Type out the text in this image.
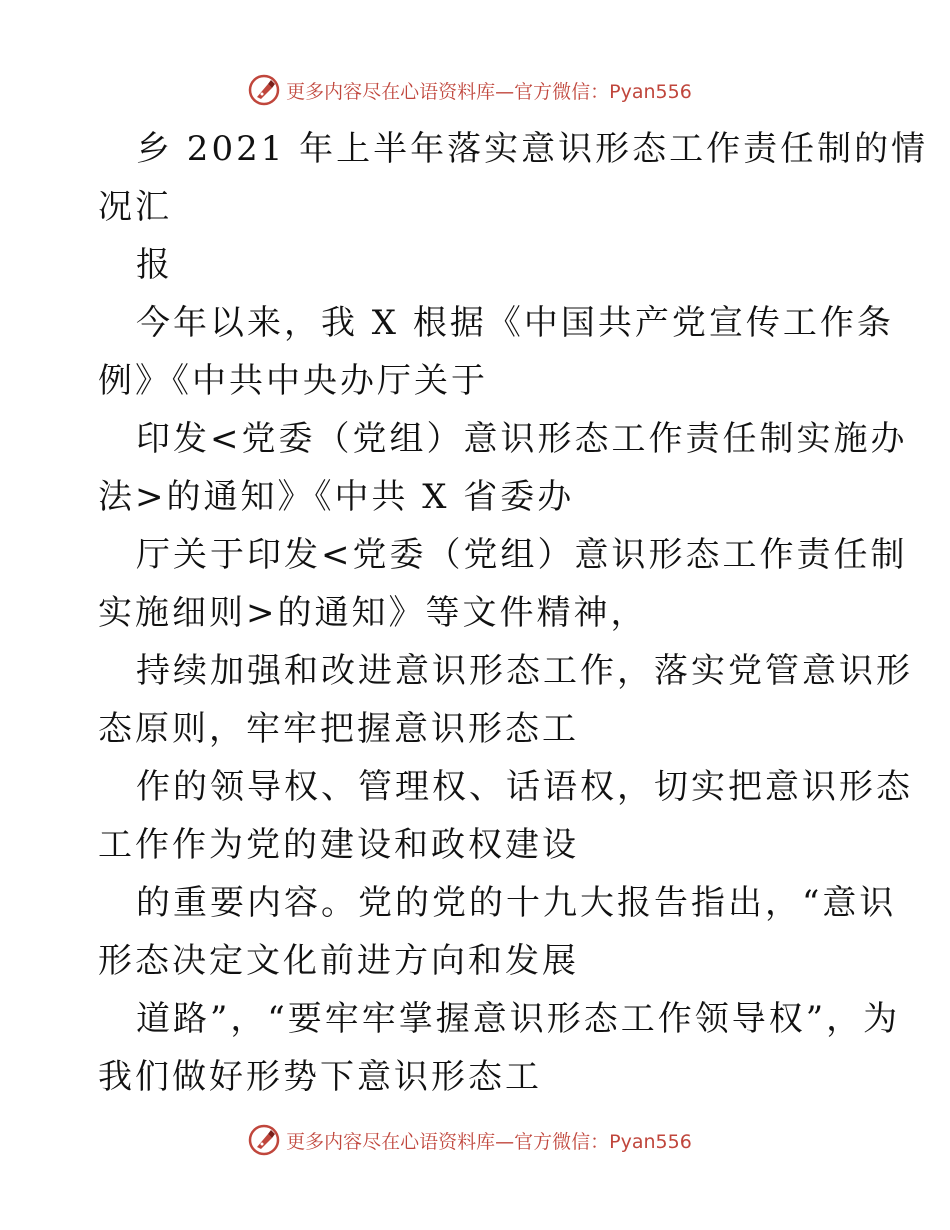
更多内容尽在心语资料库—官方微信：Pyan556
乡 2021 年上半年落实意识形态工作责任制的情
况汇
报
今年以来，我 X 根据《中国共产党宣传工作条
例》《中共中央办厅关于
印发<党委（党组）意识形态工作责任制实施办
法>的通知》《中共 X 省委办
厅关于印发<党委（党组）意识形态工作责任制
实施细则>的通知》等文件精神，
持续加强和改进意识形态工作，落实党管意识形
态原则，牢牢把握意识形态工
作的领导权、管理权、话语权，切实把意识形态
工作作为党的建设和政权建设
的重要内容。党的党的十九大报告指出，“意识
形态决定文化前进方向和发展
道路”，“要牢牢掌握意识形态工作领导权”，为
我们做好形势下意识形态工
更多内容尽在心语资料库—官方微信：Pyan556
